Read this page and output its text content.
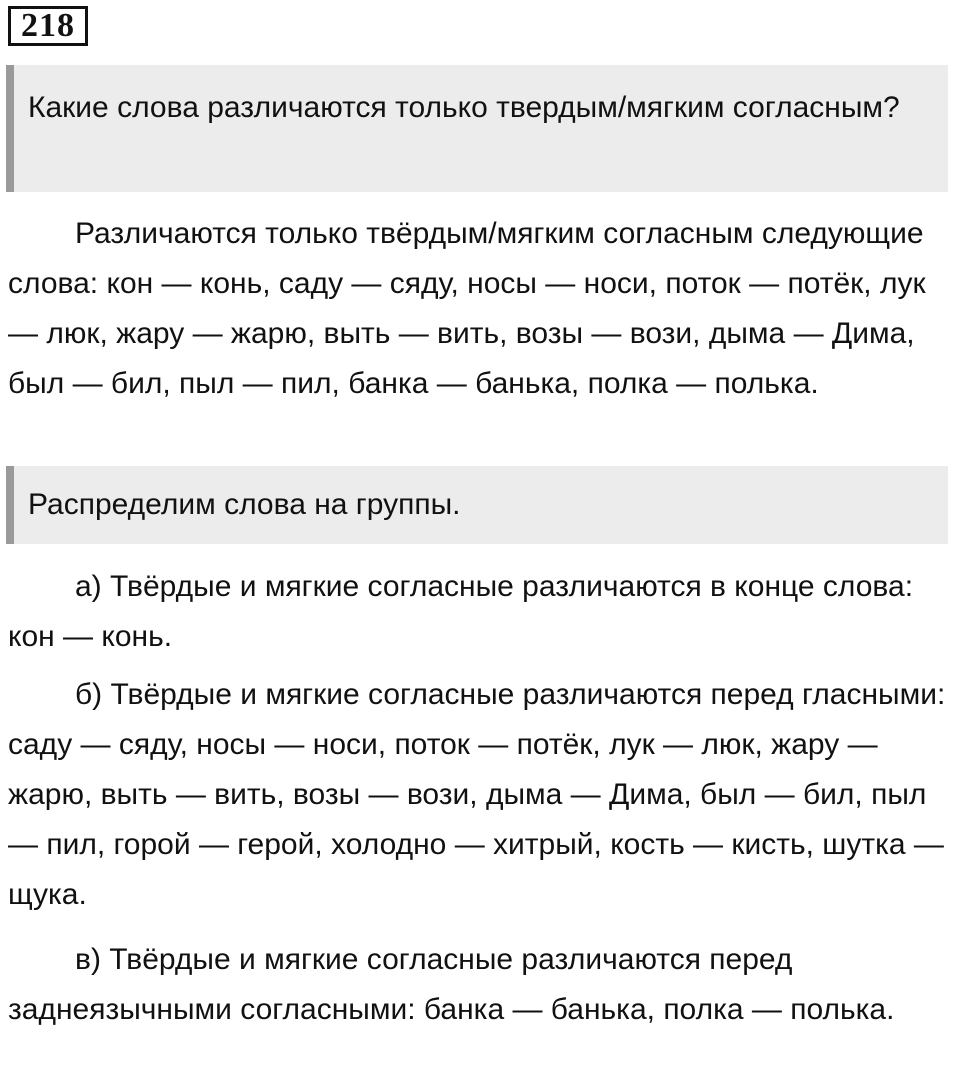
218
Какие слова различаются только твердым/мягким согласным?

Различаются только твёрдым/мягким согласным следующие слова: кон — конь, саду — сяду, носы — носи, поток — потёк, лук — люк, жару — жарю, выть — вить, возы — вози, дыма — Дима, был — бил, пыл — пил, банка — банька, полка — полька.

Распределим слова на группы.

а) Твёрдые и мягкие согласные различаются в конце слова: кон — конь.

б) Твёрдые и мягкие согласные различаются перед гласными: саду — сяду, носы — носи, поток — потёк, лук — люк, жару — жарю, выть — вить, возы — вози, дыма — Дима, был — бил, пыл — пил, горой — герой, холодно — хитрый, кость — кисть, шутка — щука.

в) Твёрдые и мягкие согласные различаются перед заднеязычными согласными: банка — банька, полка — полька.
